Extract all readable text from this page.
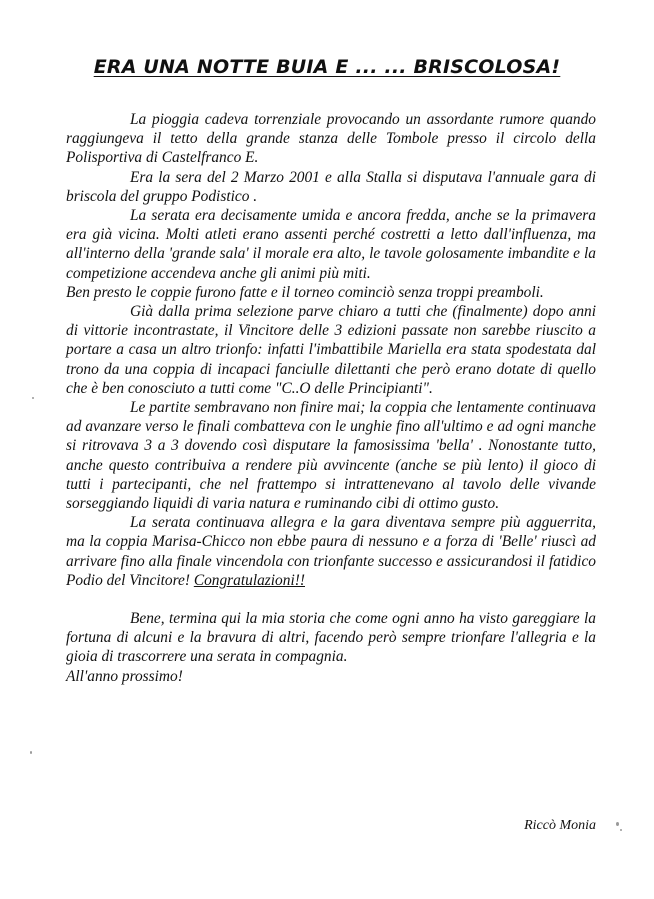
ERA UNA NOTTE BUIA E ... ... BRISCOLOSA!

La pioggia cadeva torrenziale provocando un assordante rumore quando raggiungeva il tetto della grande stanza delle Tombole presso il circolo della Polisportiva di Castelfranco E.

Era la sera del 2 Marzo 2001 e alla Stalla si disputava l'annuale gara di briscola del gruppo Podistico .

La serata era decisamente umida e ancora fredda, anche se la primavera era già vicina. Molti atleti erano assenti perché costretti a letto dall'influenza, ma all'interno della 'grande sala' il morale era alto, le tavole golosamente imbandite e la competizione accendeva anche gli animi più miti.

Ben presto le coppie furono fatte e il torneo cominciò senza troppi preamboli.

Già dalla prima selezione parve chiaro a tutti che (finalmente) dopo anni di vittorie incontrastate, il Vincitore delle 3 edizioni passate non sarebbe riuscito a portare a casa un altro trionfo: infatti l'imbattibile Mariella era stata spodestata dal trono da una coppia di incapaci fanciulle dilettanti che però erano dotate di quello che è ben conosciuto a tutti come "C..O delle Principianti".

Le partite sembravano non finire mai; la coppia che lentamente continuava ad avanzare verso le finali combatteva con le unghie fino all'ultimo e ad ogni manche si ritrovava 3 a 3 dovendo così disputare la famosissima 'bella' . Nonostante tutto, anche questo contribuiva a rendere più avvincente (anche se più lento) il gioco di tutti i partecipanti, che nel frattempo si intrattenevano al tavolo delle vivande sorseggiando liquidi di varia natura e ruminando cibi di ottimo gusto.

La serata continuava allegra e la gara diventava sempre più agguerrita, ma la coppia Marisa-Chicco non ebbe paura di nessuno e a forza di 'Belle' riuscì ad arrivare fino alla finale vincendola con trionfante successo e assicurandosi il fatidico Podio del Vincitore! Congratulazioni!!

Bene, termina qui la mia storia che come ogni anno ha visto gareggiare la fortuna di alcuni e la bravura di altri, facendo però sempre trionfare l'allegria e la gioia di trascorrere una serata in compagnia.

All'anno prossimo!

Riccò Monia
